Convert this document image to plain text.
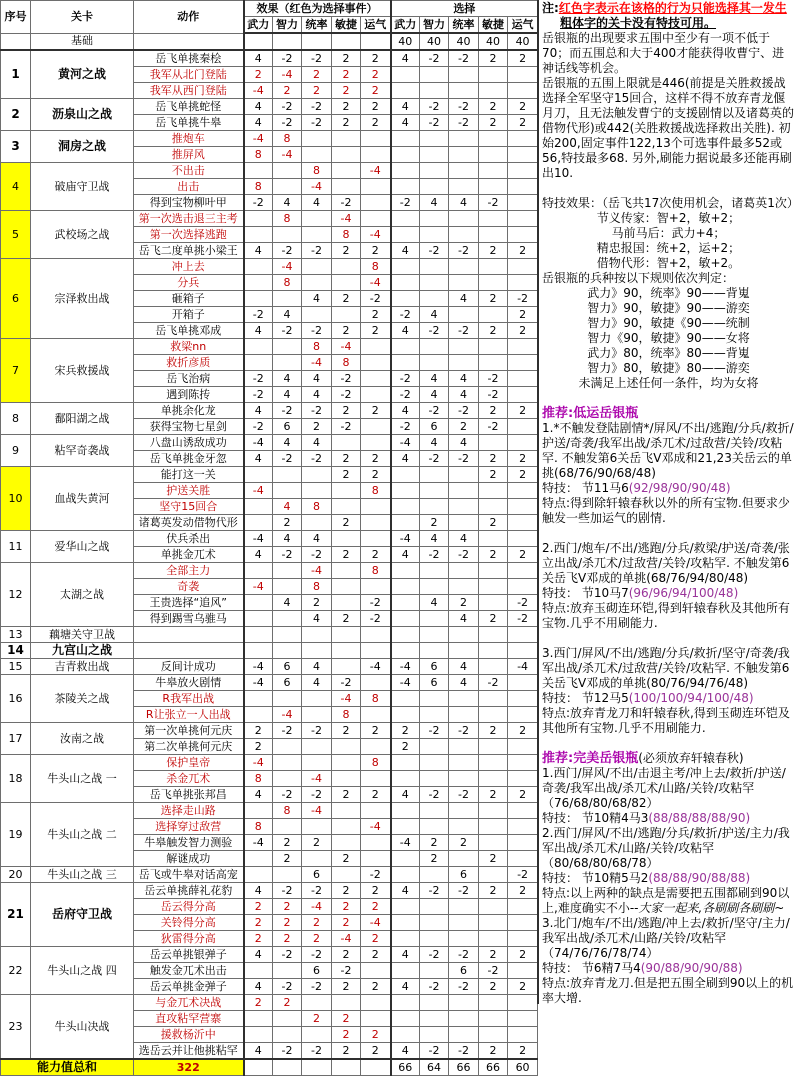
序号	关卡	动作	效果（红色为选择事件）					选择				
			武力	智力	统率	敏捷	运气	武力	智力	统率	敏捷	运气
	基础							40	40	40	40	40
1	黄河之战	岳飞单挑秦桧	4	-2	-2	2	2	4	-2	-2	2	2
		我军从北门登陆	2	-4	2	2	2					
		我军从西门登陆	-4	2	2	2	2					
2	沥泉山之战	岳飞单挑蛇怪	4	-2	-2	2	2	4	-2	-2	2	2
		岳飞单挑牛皋	4	-2	-2	2	2	4	-2	-2	2	2
3	洞房之战	推炮车	-4	8								
		推屏风	8	-4								
4	破庙守卫战	不出击			8		-4					
		出击	8		-4							
		得到宝物柳叶甲	-2	4	4	-2		-2	4	4	-2	
5	武校场之战	第一次选击退三主考		8		-4						
		第一次选择逃跑				8	-4					
		岳飞二度单挑小梁王	4	-2	-2	2	2	4	-2	-2	2	2
6	宗泽救出战	冲上去		-4			8					
		分兵		8			-4					
		砸箱子			4	2	-2			4	2	-2
		开箱子	-2	4			2	-2	4			2
		岳飞单挑邓成	4	-2	-2	2	2	4	-2	-2	2	2
7	宋兵救援战	救梁nn			8	-4						
		救折彦质			-4	8						
		岳飞治病	-2	4	4	-2		-2	4	4	-2	
		遇到陈抟	-2	4	4	-2		-2	4	4	-2	
8	鄱阳湖之战	单挑余化龙	4	-2	-2	2	2	4	-2	-2	2	2
		获得宝物七星剑	-2	6	2	-2		-2	6	2	-2	
9	粘罕奇袭战	八盘山诱敌成功	-4	4	4			-4	4	4		
		岳飞单挑金牙忽	4	-2	-2	2	2	4	-2	-2	2	2
10	血战失黄河	能打这一关				2	2				2	2
		护送关胜	-4				8					
		坚守15回合		4	8							
		诸葛英发动借物代形		2		2			2		2	
11	爱华山之战	伏兵杀出	-4	4	4			-4	4	4		
		单挑金兀术	4	-2	-2	2	2	4	-2	-2	2	2
12	太湖之战	全部主力			-4		8					
		奇袭	-4		8							
		王贵选择“追风”		4	2		-2		4	2		-2
		得到踢雪乌骓马			4	2	-2			4	2	-2
13	藕塘关守卫战											
14	九宫山之战											
15	吉青救出战	反间计成功	-4	6	4		-4	-4	6	4		-4
16	茶陵关之战	牛皋放火剧情	-4	6	4	-2		-4	6	4	-2	
		R我军出战				-4	8					
		R让张立一人出战		-4		8						
17	汝南之战	第一次单挑何元庆	2	-2	-2	2	2	2	-2	-2	2	2
		第二次单挑何元庆	2					2				
18	牛头山之战 一	保护皇帝	-4				8					
		杀金兀术	8		-4							
		岳飞单挑张邦昌	4	-2	-2	2	2	4	-2	-2	2	2
19	牛头山之战 二	选择走山路		8	-4							
		选择穿过敌营	8				-4					
		牛皋触发智力测验	-4	2	2			-4	2	2		
		解谜成功		2		2			2		2	
20	牛头山之战 三	岳飞或牛皋对话高宠			6		-2			6		-2
21	岳府守卫战	岳云单挑薛礼花豹	4	-2	-2	2	2	4	-2	-2	2	2
		岳云得分高	2	2	-4	2	2					
		关铃得分高	2	2	2	2	-4					
		狄雷得分高	2	2	2	-4	2					
22	牛头山之战 四	岳云单挑银弹子	4	-2	-2	2	2	4	-2	-2	2	2
		触发金兀术出击			6	-2				6	-2	
		岳云单挑金弹子	4	-2	-2	2	2	4	-2	-2	2	2
23	牛头山决战	与金兀术决战	2	2								
		直攻粘罕营寨			2	2						
		援救杨沂中				2	2					
		选岳云并让他挑粘罕	4	-2	-2	2	2	4	-2	-2	2	2
能力值总和		322						66	64	66	66	60
注:红色字表示在该格的行为只能选择其一发生
粗体字的关卡没有特技可用。
岳银瓶的出现要求五围中至少有一项不低于70；而五围总和大于400才能获得收曹宁、进神话线等机会。
岳银瓶的五围上限就是446(前提是关胜救援战选择全军坚守15回合，这样不得不放弃青龙偃月刀，且无法触发曹宁的支援剧情以及诸葛英的借物代形)或442(关胜救援战选择救出关胜). 初始200,固定事件122,13个可选事件最多52或56,特技最多68. 另外,刷能力据说最多还能再刷出10.
特技效果：（岳飞共17次使用机会，诸葛英1次）
节义传家：智+2，敏+2；
马前马后：武力+4；
精忠报国：统+2，运+2；
借物代形：智+2，敏+2。
岳银瓶的兵种按以下规则依次判定：
武力》90，统率》90——背嵬
智力》90，敏捷》90——游奕
智力》90，敏捷《90——统制
智力《90，敏捷》90——女将
武力》80，统率》80——背嵬
智力》80，敏捷》80——游奕
未满足上述任何一条件，均为女将
推荐:低运岳银瓶
1.*不触发登陆剧情*/屏风/不出/逃跑/分兵/救折/护送/奇袭/我军出战/杀兀术/过敌营/关铃/攻粘罕. 不触发第6关岳飞V邓成和21,23关岳云的单挑(68/76/90/68/48)
特技： 节11马6(92/98/90/90/48)
特点:得到除轩辕春秋以外的所有宝物.但要求少触发一些加运气的剧情.
2.西门/炮车/不出/逃跑/分兵/救梁/护送/奇袭/张立出战/杀兀术/过敌营/关铃/攻粘罕. 不触发第6关岳飞V邓成的单挑(68/76/94/80/48)
特技： 节10马7(96/96/94/100/48)
特点:放弃玉砌连环铠,得到轩辕春秋及其他所有宝物.几乎不用刷能力.
3.西门/屏风/不出/逃跑/分兵/救折/坚守/奇袭/我军出战/杀兀术/过敌营/关铃/攻粘罕. 不触发第6关岳飞V邓成的单挑(80/76/94/76/48)
特技： 节12马5(100/100/94/100/48)
特点:放弃青龙刀和轩辕春秋,得到玉砌连环铠及其他所有宝物.几乎不用刷能力.
推荐:完美岳银瓶(必须放弃轩辕春秋)
1.西门/屏风/不出/击退主考/冲上去/救折/护送/奇袭/我军出战/杀兀术/山路/关铃/攻粘罕（76/68/80/68/82）
特技： 节10精4马3(88/88/88/88/90)
2.西门/屏风/不出/逃跑/分兵/救折/护送/主力/我军出战/杀兀术/山路/关铃/攻粘罕（80/68/80/68/78）
特技： 节10精5马2(88/88/90/88/88)
特点:以上两种的缺点是需要把五围都刷到90以上,难度确实不小--大家一起来,各刷刷各刷刷~
3.北门/炮车/不出/逃跑/冲上去/救折/坚守/主力/我军出战/杀兀术/山路/关铃/攻粘罕（74/76/76/78/74）
特技： 节6精7马4(90/88/90/90/88)
特点:放弃青龙刀.但是把五围全刷到90以上的机率大增.
